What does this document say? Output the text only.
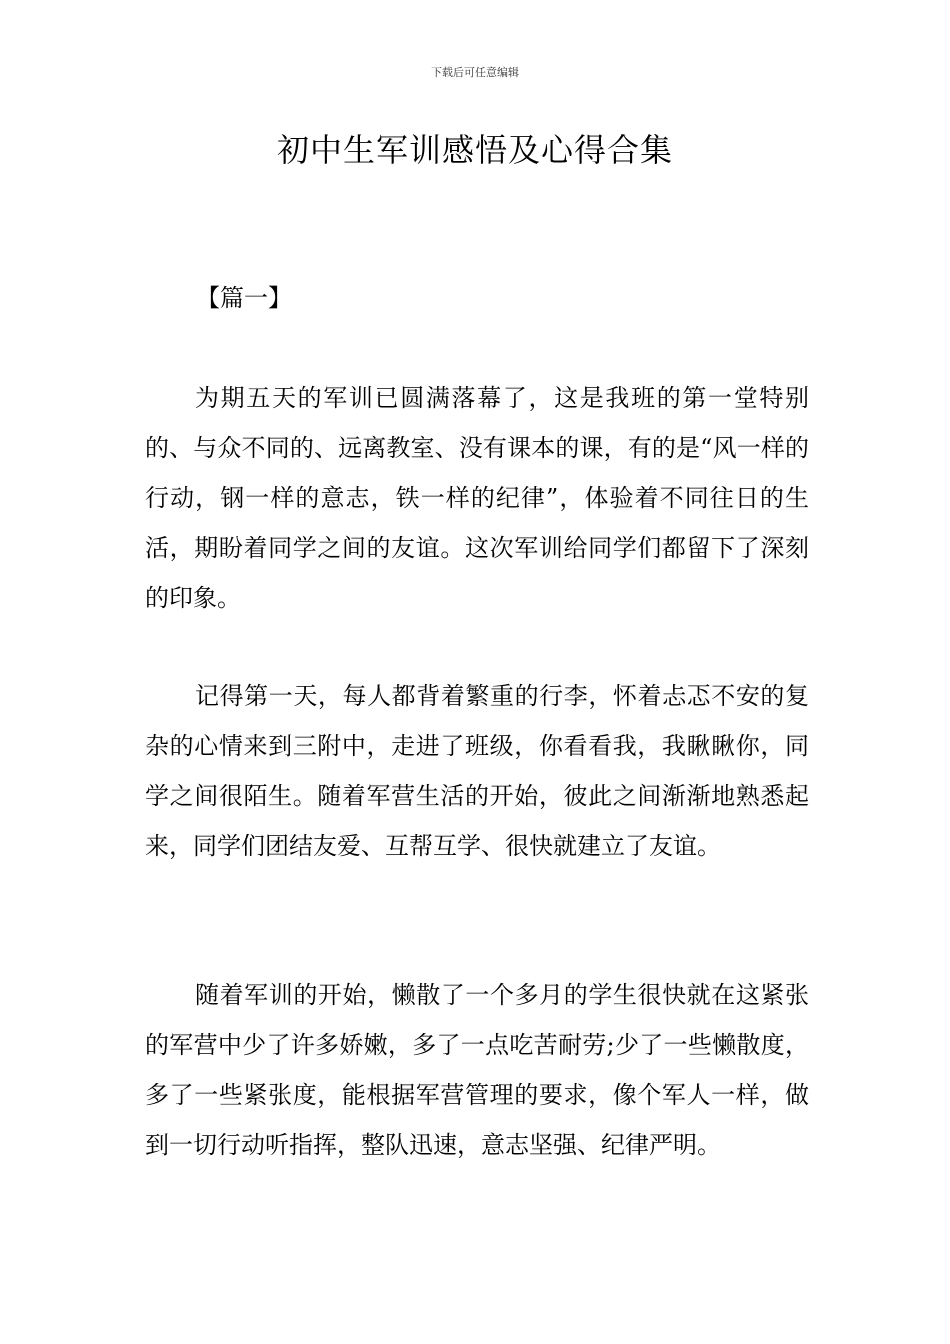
下载后可任意编辑
初中生军训感悟及心得合集

【篇一】

为期五天的军训已圆满落幕了，这是我班的第一堂特别的、与众不同的、远离教室、没有课本的课，有的是“风一样的行动，钢一样的意志，铁一样的纪律”，体验着不同往日的生活，期盼着同学之间的友谊。这次军训给同学们都留下了深刻的印象。

记得第一天，每人都背着繁重的行李，怀着忐忑不安的复杂的心情来到三附中，走进了班级，你看看我，我瞅瞅你，同学之间很陌生。随着军营生活的开始，彼此之间渐渐地熟悉起来，同学们团结友爱、互帮互学、很快就建立了友谊。

随着军训的开始，懒散了一个多月的学生很快就在这紧张的军营中少了许多娇嫩，多了一点吃苦耐劳;少了一些懒散度，多了一些紧张度，能根据军营管理的要求，像个军人一样，做到一切行动听指挥，整队迅速，意志坚强、纪律严明。
